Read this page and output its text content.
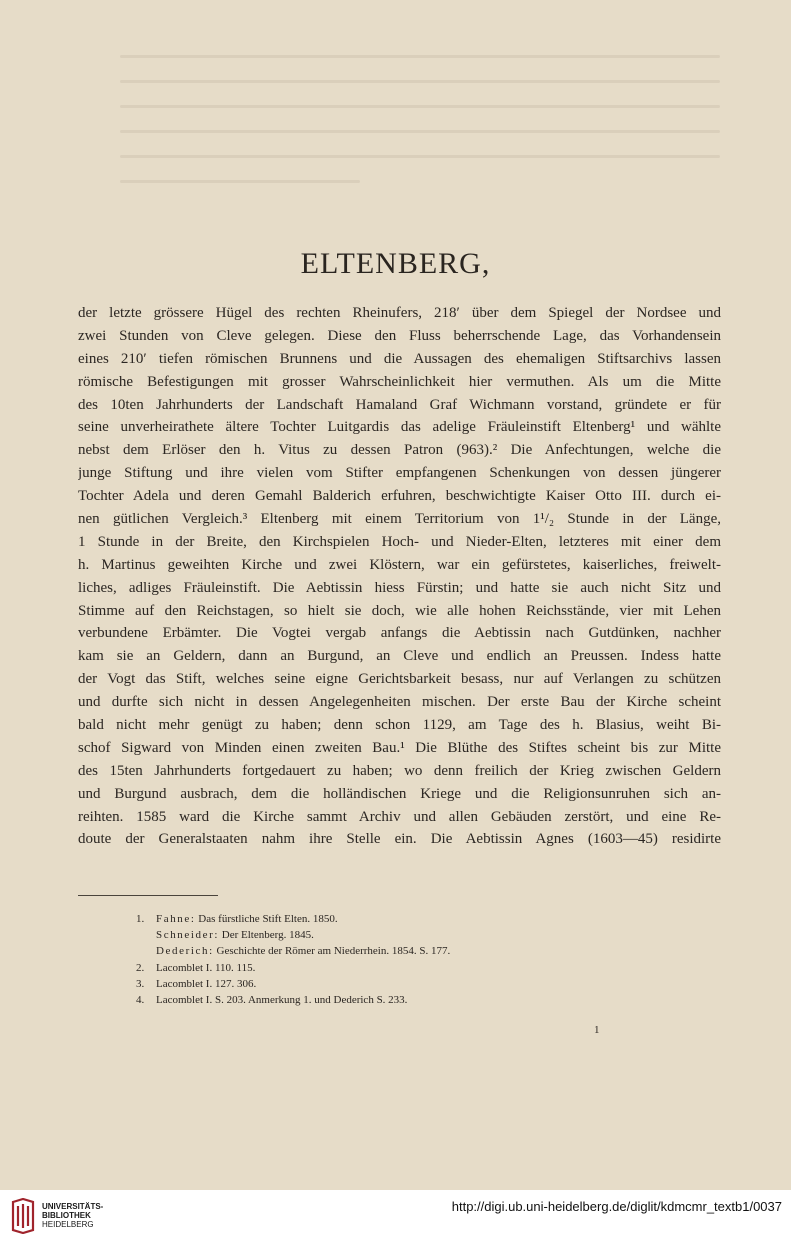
ELTENBERG,
der letzte grössere Hügel des rechten Rheinufers, 218′ über dem Spiegel der Nordsee und
zwei Stunden von Cleve gelegen. Diese den Fluss beherrschende Lage, das Vorhandensein
eines 210′ tiefen römischen Brunnens und die Aussagen des ehemaligen Stiftsarchivs lassen
römische Befestigungen mit grosser Wahrscheinlichkeit hier vermuthen. Als um die Mitte
des 10ten Jahrhunderts der Landschaft Hamaland Graf Wichmann vorstand, gründete er für
seine unverheirathete ältere Tochter Luitgardis das adelige Fräuleinstift Eltenberg¹ und wählte
nebst dem Erlöser den h. Vitus zu dessen Patron (963).² Die Anfechtungen, welche die
junge Stiftung und ihre vielen vom Stifter empfangenen Schenkungen von dessen jüngerer
Tochter Adela und deren Gemahl Balderich erfuhren, beschwichtigte Kaiser Otto III. durch ei-
nen gütlichen Vergleich.³ Eltenberg mit einem Territorium von 1¹/₂ Stunde in der Länge,
1 Stunde in der Breite, den Kirchspielen Hoch- und Nieder-Elten, letzteres mit einer dem
h. Martinus geweihten Kirche und zwei Klöstern, war ein gefürstetes, kaiserliches, freiwelt-
liches, adliges Fräuleinstift. Die Aebtissin hiess Fürstin; und hatte sie auch nicht Sitz und
Stimme auf den Reichstagen, so hielt sie doch, wie alle hohen Reichsstände, vier mit Lehen
verbundene Erbämter. Die Vogtei vergab anfangs die Aebtissin nach Gutdünken, nachher
kam sie an Geldern, dann an Burgund, an Cleve und endlich an Preussen. Indess hatte
der Vogt das Stift, welches seine eigne Gerichtsbarkeit besass, nur auf Verlangen zu schützen
und durfte sich nicht in dessen Angelegenheiten mischen. Der erste Bau der Kirche scheint
bald nicht mehr genügt zu haben; denn schon 1129, am Tage des h. Blasius, weiht Bi-
schof Sigward von Minden einen zweiten Bau.¹ Die Blüthe des Stiftes scheint bis zur Mitte
des 15ten Jahrhunderts fortgedauert zu haben; wo denn freilich der Krieg zwischen Geldern
und Burgund ausbrach, dem die holländischen Kriege und die Religionsunruhen sich an-
reihten. 1585 ward die Kirche sammt Archiv und allen Gebäuden zerstört, und eine Re-
doute der Generalstaaten nahm ihre Stelle ein. Die Aebtissin Agnes (1603—45) residirte
1. Fahne: Das fürstliche Stift Elten. 1850.
Schneider: Der Eltenberg. 1845.
Dederich: Geschichte der Römer am Niederrhein. 1854. S. 177.
2. Lacomblet I. 110. 115.
3. Lacomblet I. 127. 306.
4. Lacomblet I. S. 203. Anmerkung 1. und Dederich S. 233.
1
UNIVERSITÄTS-
BIBLIOTHEK
HEIDELBERG
http://digi.ub.uni-heidelberg.de/diglit/kdmcmr_textb1/0037
